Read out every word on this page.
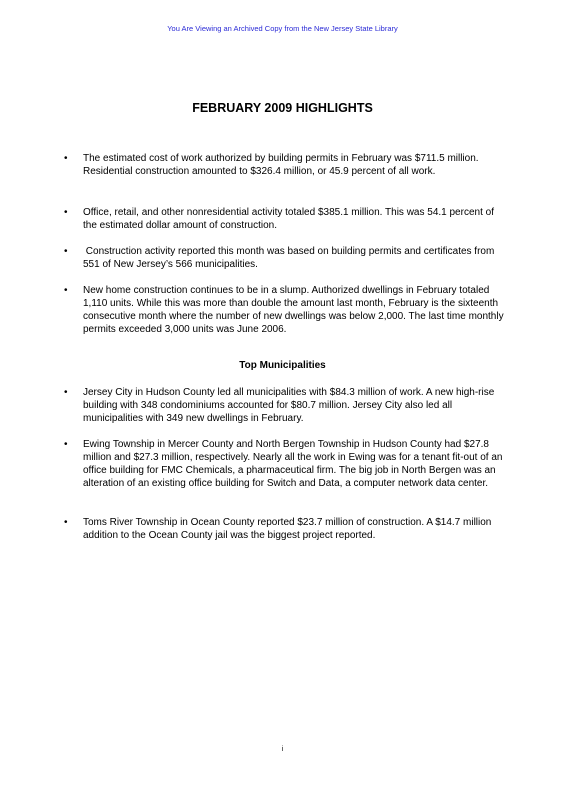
You Are Viewing an Archived Copy from the New Jersey State Library
FEBRUARY 2009 HIGHLIGHTS
• The estimated cost of work authorized by building permits in February was $711.5 million. Residential construction amounted to $326.4 million, or 45.9 percent of all work.
• Office, retail, and other nonresidential activity totaled $385.1 million. This was 54.1 percent of the estimated dollar amount of construction.
• Construction activity reported this month was based on building permits and certificates from 551 of New Jersey’s 566 municipalities.
• New home construction continues to be in a slump. Authorized dwellings in February totaled 1,110 units. While this was more than double the amount last month, February is the sixteenth consecutive month where the number of new dwellings was below 2,000. The last time monthly permits exceeded 3,000 units was June 2006.
Top Municipalities
• Jersey City in Hudson County led all municipalities with $84.3 million of work. A new high-rise building with 348 condominiums accounted for $80.7 million. Jersey City also led all municipalities with 349 new dwellings in February.
• Ewing Township in Mercer County and North Bergen Township in Hudson County had $27.8 million and $27.3 million, respectively. Nearly all the work in Ewing was for a tenant fit-out of an office building for FMC Chemicals, a pharmaceutical firm. The big job in North Bergen was an alteration of an existing office building for Switch and Data, a computer network data center.
• Toms River Township in Ocean County reported $23.7 million of construction. A $14.7 million addition to the Ocean County jail was the biggest project reported.
i
